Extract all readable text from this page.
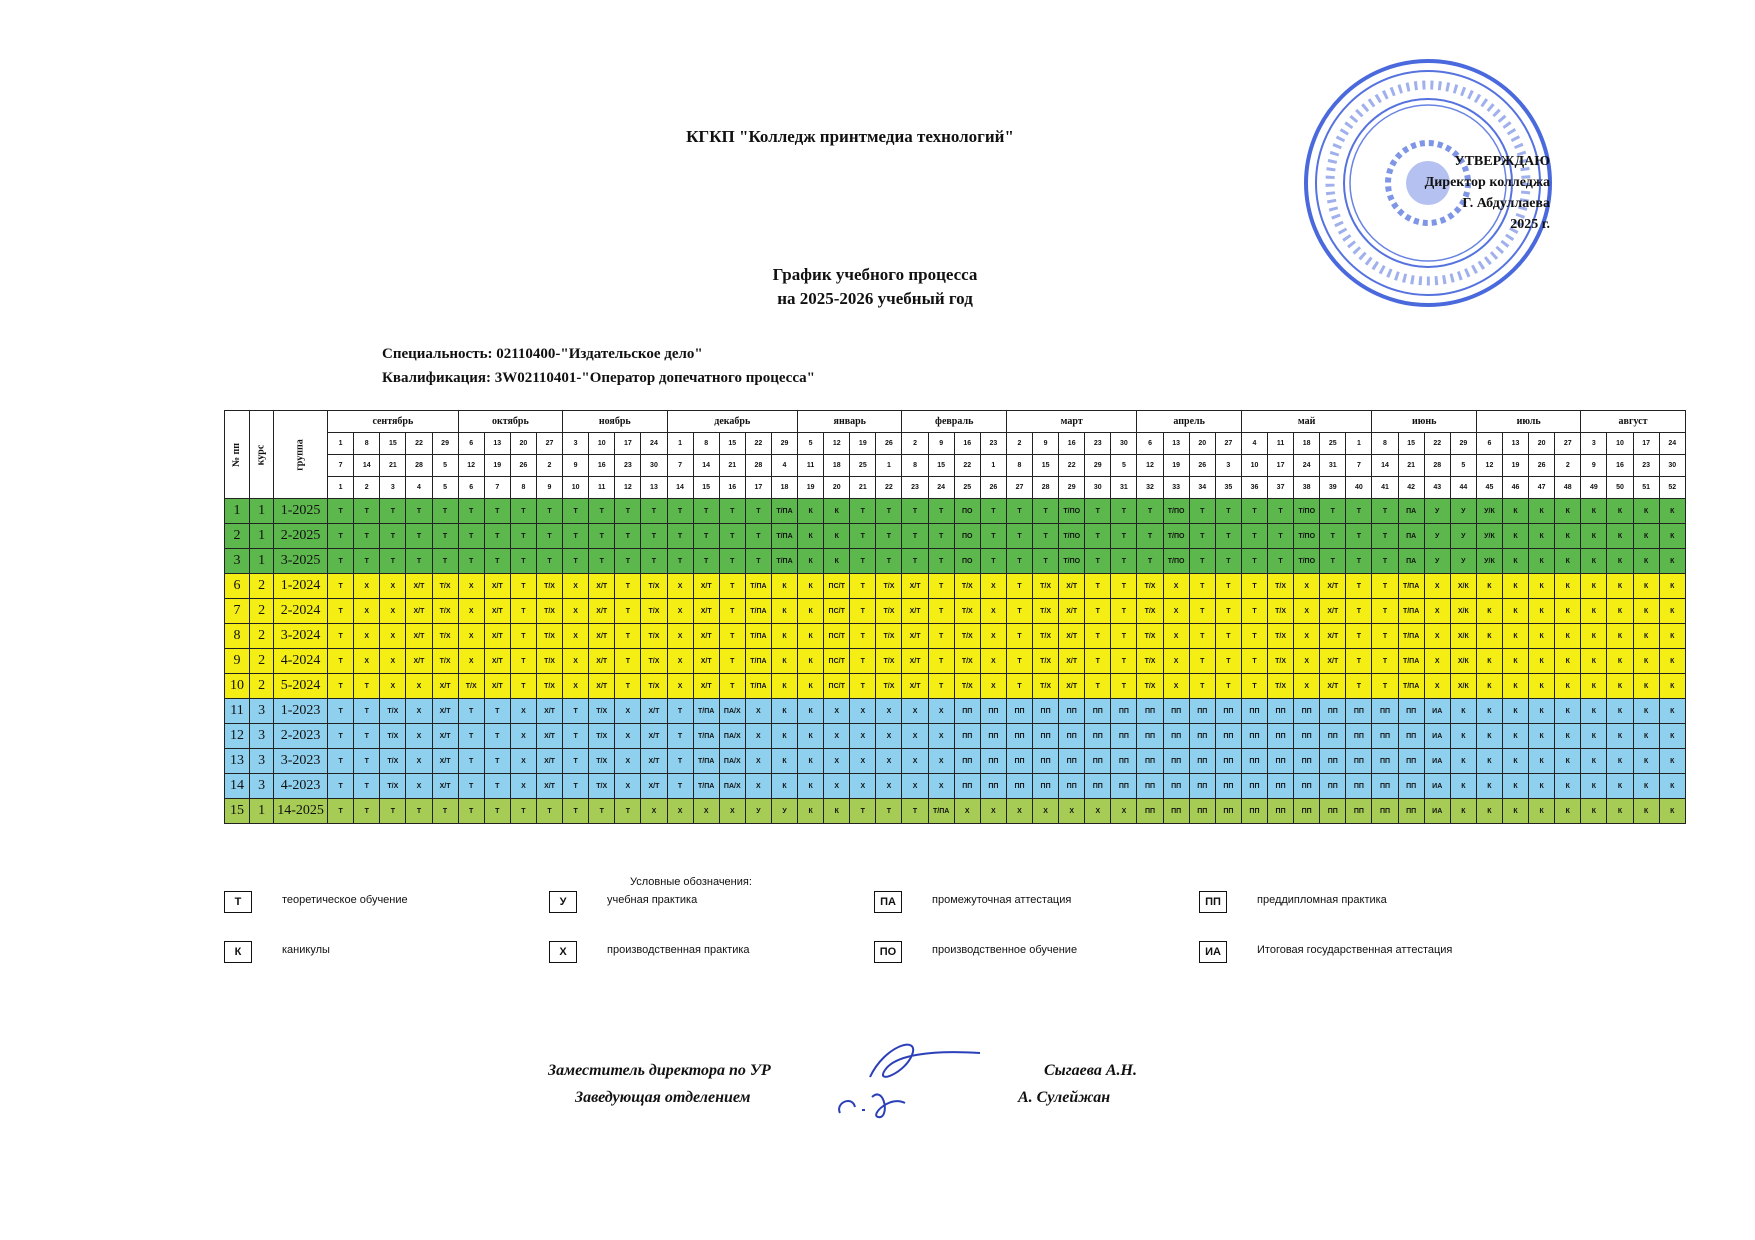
КГКП "Колледж принтмедиа технологий"
УТВЕРЖДАЮ
Директор колледжа
Г. Абдуллаева
2025 г.
График учебного процесса
на 2025-2026 учебный год
Специальность: 02110400-"Издательское дело"
Квалификация: 3W02110401-"Оператор допечатного процесса"
№ пп	курс	группа	сентябрь					октябрь				ноябрь				декабрь					январь				февраль				март					апрель				май					июнь				июль				август			
			1	8	15	22	29	6	13	20	27	3	10	17	24	1	8	15	22	29	5	12	19	26	2	9	16	23	2	9	16	23	30	6	13	20	27	4	11	18	25	1	8	15	22	29	6	13	20	27	3	10	17	24
			7	14	21	28	5	12	19	26	2	9	16	23	30	7	14	21	28	4	11	18	25	1	8	15	22	1	8	15	22	29	5	12	19	26	3	10	17	24	31	7	14	21	28	5	12	19	26	2	9	16	23	30
			1	2	3	4	5	6	7	8	9	10	11	12	13	14	15	16	17	18	19	20	21	22	23	24	25	26	27	28	29	30	31	32	33	34	35	36	37	38	39	40	41	42	43	44	45	46	47	48	49	50	51	52
1	1	1-2025	Т	Т	Т	Т	Т	Т	Т	Т	Т	Т	Т	Т	Т	Т	Т	Т	Т	Т/ПА	К	К	Т	Т	Т	Т	ПО	Т	Т	Т	Т/ПО	Т	Т	Т	Т/ПО	Т	Т	Т	Т	Т/ПО	Т	Т	Т	ПА	У	У	У/К	К	К	К	К	К	К	К
2	1	2-2025	Т	Т	Т	Т	Т	Т	Т	Т	Т	Т	Т	Т	Т	Т	Т	Т	Т	Т/ПА	К	К	Т	Т	Т	Т	ПО	Т	Т	Т	Т/ПО	Т	Т	Т	Т/ПО	Т	Т	Т	Т	Т/ПО	Т	Т	Т	ПА	У	У	У/К	К	К	К	К	К	К	К
3	1	3-2025	Т	Т	Т	Т	Т	Т	Т	Т	Т	Т	Т	Т	Т	Т	Т	Т	Т	Т/ПА	К	К	Т	Т	Т	Т	ПО	Т	Т	Т	Т/ПО	Т	Т	Т	Т/ПО	Т	Т	Т	Т	Т/ПО	Т	Т	Т	ПА	У	У	У/К	К	К	К	К	К	К	К
6	2	1-2024	Т	Х	Х	Х/Т	Т/Х	Х	Х/Т	Т	Т/Х	Х	Х/Т	Т	Т/Х	Х	Х/Т	Т	Т/ПА	К	К	ПС/Т	Т	Т/Х	Х/Т	Т	Т/Х	Х	Т	Т/Х	Х/Т	Т	Т	Т/Х	Х	Т	Т	Т	Т/Х	Х	Х/Т	Т	Т	Т/ПА	Х	Х/К	К	К	К	К	К	К	К	К
7	2	2-2024	Т	Х	Х	Х/Т	Т/Х	Х	Х/Т	Т	Т/Х	Х	Х/Т	Т	Т/Х	Х	Х/Т	Т	Т/ПА	К	К	ПС/Т	Т	Т/Х	Х/Т	Т	Т/Х	Х	Т	Т/Х	Х/Т	Т	Т	Т/Х	Х	Т	Т	Т	Т/Х	Х	Х/Т	Т	Т	Т/ПА	Х	Х/К	К	К	К	К	К	К	К	К
8	2	3-2024	Т	Х	Х	Х/Т	Т/Х	Х	Х/Т	Т	Т/Х	Х	Х/Т	Т	Т/Х	Х	Х/Т	Т	Т/ПА	К	К	ПС/Т	Т	Т/Х	Х/Т	Т	Т/Х	Х	Т	Т/Х	Х/Т	Т	Т	Т/Х	Х	Т	Т	Т	Т/Х	Х	Х/Т	Т	Т	Т/ПА	Х	Х/К	К	К	К	К	К	К	К	К
9	2	4-2024	Т	Х	Х	Х/Т	Т/Х	Х	Х/Т	Т	Т/Х	Х	Х/Т	Т	Т/Х	Х	Х/Т	Т	Т/ПА	К	К	ПС/Т	Т	Т/Х	Х/Т	Т	Т/Х	Х	Т	Т/Х	Х/Т	Т	Т	Т/Х	Х	Т	Т	Т	Т/Х	Х	Х/Т	Т	Т	Т/ПА	Х	Х/К	К	К	К	К	К	К	К	К
10	2	5-2024	Т	Т	Х	Х	Х/Т	Т/Х	Х/Т	Т	Т/Х	Х	Х/Т	Т	Т/Х	Х	Х/Т	Т	Т/ПА	К	К	ПС/Т	Т	Т/Х	Х/Т	Т	Т/Х	Х	Т	Т/Х	Х/Т	Т	Т	Т/Х	Х	Т	Т	Т	Т/Х	Х	Х/Т	Т	Т	Т/ПА	Х	Х/К	К	К	К	К	К	К	К	К
11	3	1-2023	Т	Т	Т/Х	Х	Х/Т	Т	Т	Х	Х/Т	Т	Т/Х	Х	Х/Т	Т	Т/ПА	ПА/Х	Х	К	К	Х	Х	Х	Х	Х	ПП	ПП	ПП	ПП	ПП	ПП	ПП	ПП	ПП	ПП	ПП	ПП	ПП	ПП	ПП	ПП	ПП	ПП	ИА	К	К	К	К	К	К	К	К	К
12	3	2-2023	Т	Т	Т/Х	Х	Х/Т	Т	Т	Х	Х/Т	Т	Т/Х	Х	Х/Т	Т	Т/ПА	ПА/Х	Х	К	К	Х	Х	Х	Х	Х	ПП	ПП	ПП	ПП	ПП	ПП	ПП	ПП	ПП	ПП	ПП	ПП	ПП	ПП	ПП	ПП	ПП	ПП	ИА	К	К	К	К	К	К	К	К	К
13	3	3-2023	Т	Т	Т/Х	Х	Х/Т	Т	Т	Х	Х/Т	Т	Т/Х	Х	Х/Т	Т	Т/ПА	ПА/Х	Х	К	К	Х	Х	Х	Х	Х	ПП	ПП	ПП	ПП	ПП	ПП	ПП	ПП	ПП	ПП	ПП	ПП	ПП	ПП	ПП	ПП	ПП	ПП	ИА	К	К	К	К	К	К	К	К	К
14	3	4-2023	Т	Т	Т/Х	Х	Х/Т	Т	Т	Х	Х/Т	Т	Т/Х	Х	Х/Т	Т	Т/ПА	ПА/Х	Х	К	К	Х	Х	Х	Х	Х	ПП	ПП	ПП	ПП	ПП	ПП	ПП	ПП	ПП	ПП	ПП	ПП	ПП	ПП	ПП	ПП	ПП	ПП	ИА	К	К	К	К	К	К	К	К	К
15	1	14-2025	Т	Т	Т	Т	Т	Т	Т	Т	Т	Т	Т	Т	Х	Х	Х	Х	У	У	К	К	Т	Т	Т	Т/ПА	Х	Х	Х	Х	Х	Х	Х	ПП	ПП	ПП	ПП	ПП	ПП	ПП	ПП	ПП	ПП	ПП	ИА	К	К	К	К	К	К	К	К	К
Условные обозначения:
Т	теоретическое обучение	У	учебная практика	ПА	промежуточная аттестация	ПП	преддипломная практика
К	каникулы	Х	производственная практика	ПО	производственное обучение	ИА	Итоговая государственная аттестация
Заместитель директора по УР	Сыгаева А.Н.
Заведующая отделением	А. Сулейжан
